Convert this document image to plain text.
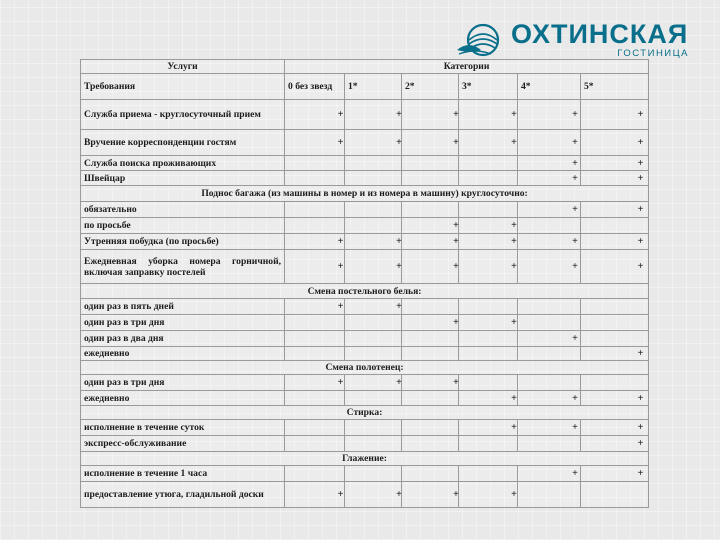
ОХТИНСКАЯ
ГОСТИНИЦА
Услуги	Категории					
Требования	0 без звезд	1*	2*	3*	4*	5*
Служба приема - круглосуточный прием	+	+	+	+	+	+
Вручение корреспонденции гостям	+	+	+	+	+	+
Служба поиска проживающих					+	+
Швейцар					+	+
Подноc багажа (из машины в номер и из номера в машину) круглосуточно:						
обязательно					+	+
по просьбе			+	+		
Утренняя побудка (по просьбе)	+	+	+	+	+	+
Ежедневная уборка номера горничной, включая заправку постелей	+	+	+	+	+	+
Смена постельного белья:						
один раз в пять дней	+	+				
один раз в три дня			+	+		
один раз в два дня					+	
ежедневно						+
Смена полотенец:						
один раз в три дня	+	+	+			
ежедневно				+	+	+
Стирка:						
исполнение в течение суток				+	+	+
экспресс-обслуживание						+
Глажение:						
исполнение в течение 1 часа					+	+
предоставление утюга, гладильной доски	+	+	+	+		
